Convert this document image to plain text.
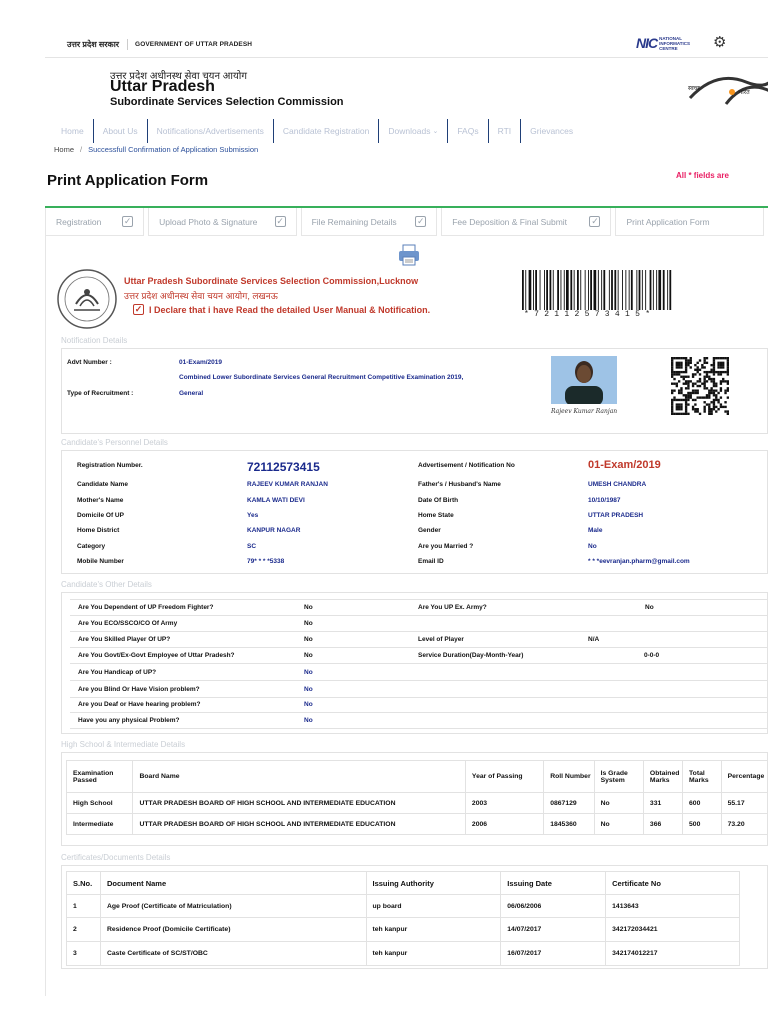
उत्तर प्रदेश सरकार	GOVERNMENT OF UTTAR PRADESH	NIC NATIONAL INFORMATICS CENTRE	⚙
उत्तर प्रदेश अधीनस्थ सेवा चयन आयोग
Uttar Pradesh
Subordinate Services Selection Commission
स्वच्छ
भारत
Home	About Us	Notifications/Advertisements	Candidate Registration	Downloads ⌄	FAQs	RTI	Grievances
Home / Successfull Confirmation of Application Submission
Print Application Form	All * fields are
Registration ✓	Upload Photo & Signature ✓	File Remaining Details ✓	Fee Deposition & Final Submit	✓	Print Application Form
Uttar Pradesh Subordinate Services Selection Commission,Lucknow
उत्तर प्रदेश अधीनस्थ सेवा चयन आयोग, लखनऊ
✓ I Declare that i have Read the detailed User Manual & Notification.	*72112573415*
Notification Details
Advt Number :	01-Exam/2019
Combined Lower Subordinate Services General Recruitment Competitive Examination 2019,
Type of Recruitment :	General
Rajeev Kumar Ranjan
Candidate's Personnel Details
Registration Number.	72112573415	Advertisement / Notification No	01-Exam/2019
Candidate Name	RAJEEV KUMAR RANJAN	Father's / Husband's Name	UMESH CHANDRA
Mother's Name	KAMLA WATI DEVI	Date Of Birth	10/10/1987
Domicile Of UP	Yes	Home State	UTTAR PRADESH
Home District	KANPUR NAGAR	Gender	Male
Category	SC	Are you Married ?	No
Mobile Number	79* * * *5338	Email ID	* * *eevranjan.pharm@gmail.com
Candidate's Other Details
Are You Dependent of UP Freedom Fighter?	No	Are You UP Ex. Army?	No
Are You ECO/SSCO/CO Of Army	No
Are You Skilled Player Of UP?	No	Level of Player	N/A
Are You Govt/Ex-Govt Employee of Uttar Pradesh?	No	Service Duration(Day-Month-Year)	0-0-0
Are You Handicap of UP?	No
Are you Blind Or Have Vision problem?	No
Are you Deaf or Have hearing problem?	No
Have you any physical Problem?	No
High School & Intermediate Details
Examination Passed	Board Name	Year of Passing	Roll Number	Is Grade System	Obtained Marks	Total Marks	Percentage
High School	UTTAR PRADESH BOARD OF HIGH SCHOOL AND INTERMEDIATE EDUCATION	2003	0867129	No	331	600	55.17
Intermediate	UTTAR PRADESH BOARD OF HIGH SCHOOL AND INTERMEDIATE EDUCATION	2006	1845360	No	366	500	73.20
Certificates/Documents Details
S.No.	Document Name	Issuing Authority	Issuing Date	Certificate No
1	Age Proof (Certificate of Matriculation)	up board	06/06/2006	1413643
2	Residence Proof (Domicile Certificate)	teh kanpur	14/07/2017	342172034421
3	Caste Certificate of SC/ST/OBC	teh kanpur	16/07/2017	342174012217
